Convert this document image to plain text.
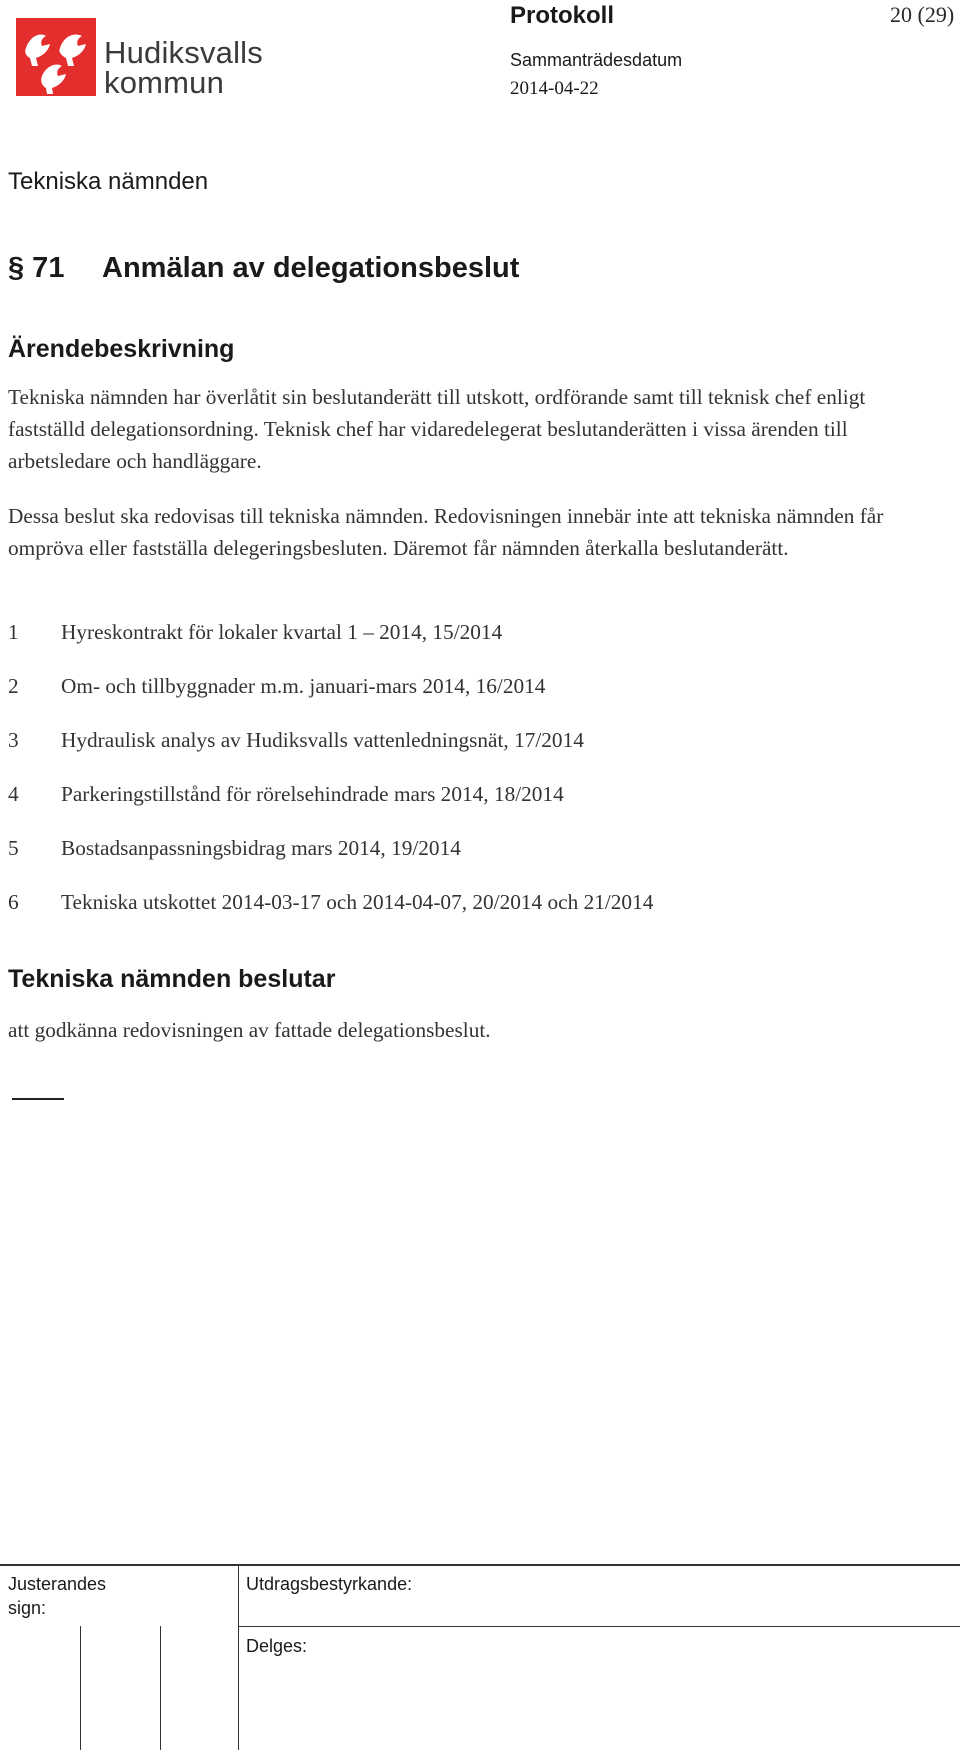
Hudiksvalls
kommun
Protokoll	20 (29)
Sammanträdesdatum
2014-04-22
Tekniska nämnden
§ 71 Anmälan av delegationsbeslut
Ärendebeskrivning
Tekniska nämnden har överlåtit sin beslutanderätt till utskott, ordförande samt till teknisk chef enligt fastställd delegationsordning. Teknisk chef har vidaredelegerat beslutanderätten i vissa ärenden till arbetsledare och handläggare.
Dessa beslut ska redovisas till tekniska nämnden. Redovisningen innebär inte att tekniska nämnden får ompröva eller fastställa delegeringsbesluten. Däremot får nämnden återkalla beslutanderätt.
1 Hyreskontrakt för lokaler kvartal 1 – 2014, 15/2014
2 Om- och tillbyggnader m.m. januari-mars 2014, 16/2014
3 Hydraulisk analys av Hudiksvalls vattenledningsnät, 17/2014
4 Parkeringstillstånd för rörelsehindrade mars 2014, 18/2014
5 Bostadsanpassningsbidrag mars 2014, 19/2014
6 Tekniska utskottet 2014-03-17 och 2014-04-07, 20/2014 och 21/2014
Tekniska nämnden beslutar
att godkänna redovisningen av fattade delegationsbeslut.
Justerandes
sign:
Utdragsbestyrkande:
Delges:
